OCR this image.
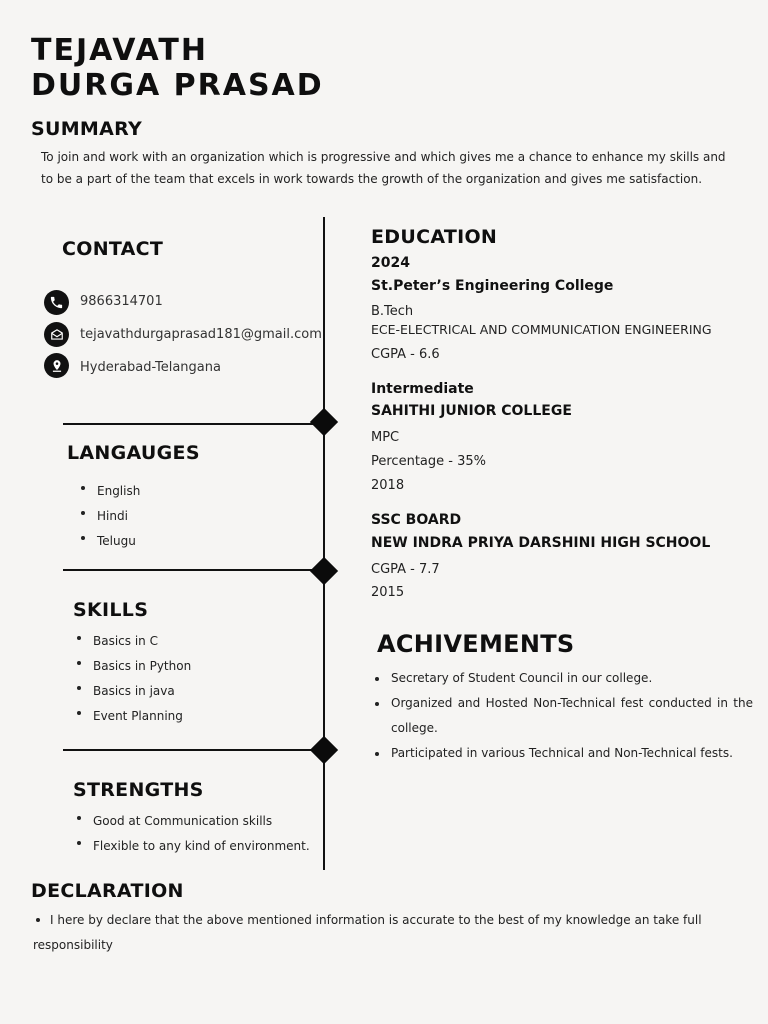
TEJAVATH
DURGA PRASAD
SUMMARY
To join and work with an organization which is progressive and which gives me a chance to enhance my skills and to be a part of the team that excels in work towards the growth of the organization and gives me satisfaction.
CONTACT
9866314701
tejavathdurgaprasad181@gmail.com
Hyderabad-Telangana
LANGAUGES
English
Hindi
Telugu
SKILLS
Basics in C
Basics in Python
Basics in java
Event Planning
STRENGTHS
Good at Communication skills
Flexible to any kind of environment.
EDUCATION
2024
St.Peter’s Engineering College
B.Tech
ECE-ELECTRICAL AND COMMUNICATION ENGINEERING
CGPA - 6.6
Intermediate
SAHITHI JUNIOR COLLEGE
MPC
Percentage - 35%
2018
SSC BOARD
NEW INDRA PRIYA DARSHINI HIGH SCHOOL
CGPA - 7.7
2015
ACHIVEMENTS
Secretary of Student Council in our college.
Organized and Hosted Non-Technical fest conducted in the college.
Participated in various Technical and Non-Technical fests.
DECLARATION
I here by declare that the above mentioned information is accurate to the best of my knowledge an take full responsibility
